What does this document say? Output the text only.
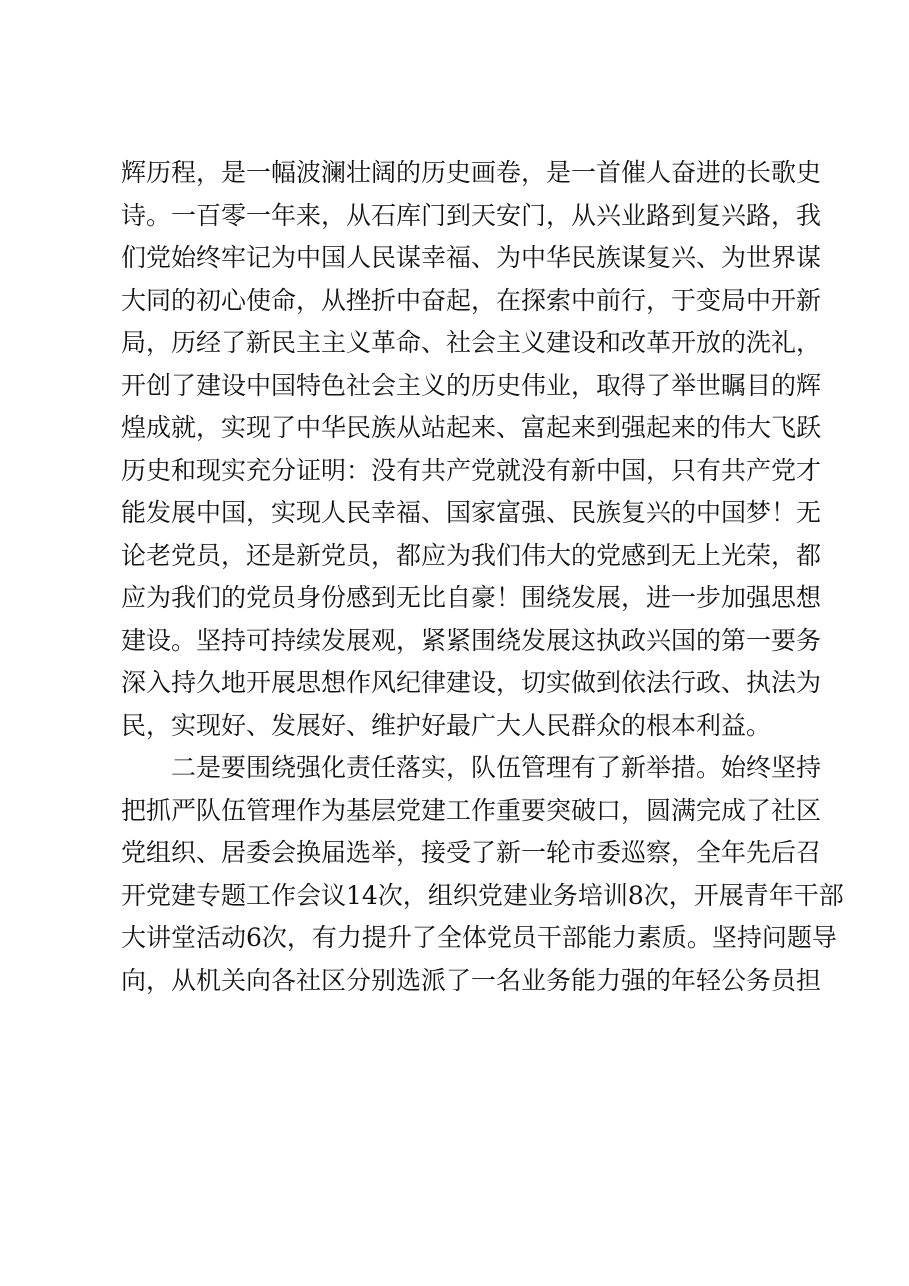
辉历程，是一幅波澜壮阔的历史画卷，是一首催人奋进的长歌史
诗。一百零一年来，从石库门到天安门，从兴业路到复兴路，我
们党始终牢记为中国人民谋幸福、为中华民族谋复兴、为世界谋
大同的初心使命，从挫折中奋起，在探索中前行，于变局中开新
局，历经了新民主主义革命、社会主义建设和改革开放的洗礼，
开创了建设中国特色社会主义的历史伟业，取得了举世瞩目的辉
煌成就，实现了中华民族从站起来、富起来到强起来的伟大飞跃
历史和现实充分证明：没有共产党就没有新中国，只有共产党才
能发展中国，实现人民幸福、国家富强、民族复兴的中国梦！无
论老党员，还是新党员，都应为我们伟大的党感到无上光荣，都
应为我们的党员身份感到无比自豪！围绕发展，进一步加强思想
建设。坚持可持续发展观，紧紧围绕发展这执政兴国的第一要务
深入持久地开展思想作风纪律建设，切实做到依法行政、执法为
民，实现好、发展好、维护好最广大人民群众的根本利益。
二是要围绕强化责任落实，队伍管理有了新举措。始终坚持
把抓严队伍管理作为基层党建工作重要突破口，圆满完成了社区
党组织、居委会换届选举，接受了新一轮市委巡察，全年先后召
开党建专题工作会议14次，组织党建业务培训8次，开展青年干部
大讲堂活动6次，有力提升了全体党员干部能力素质。坚持问题导
向，从机关向各社区分别选派了一名业务能力强的年轻公务员担
